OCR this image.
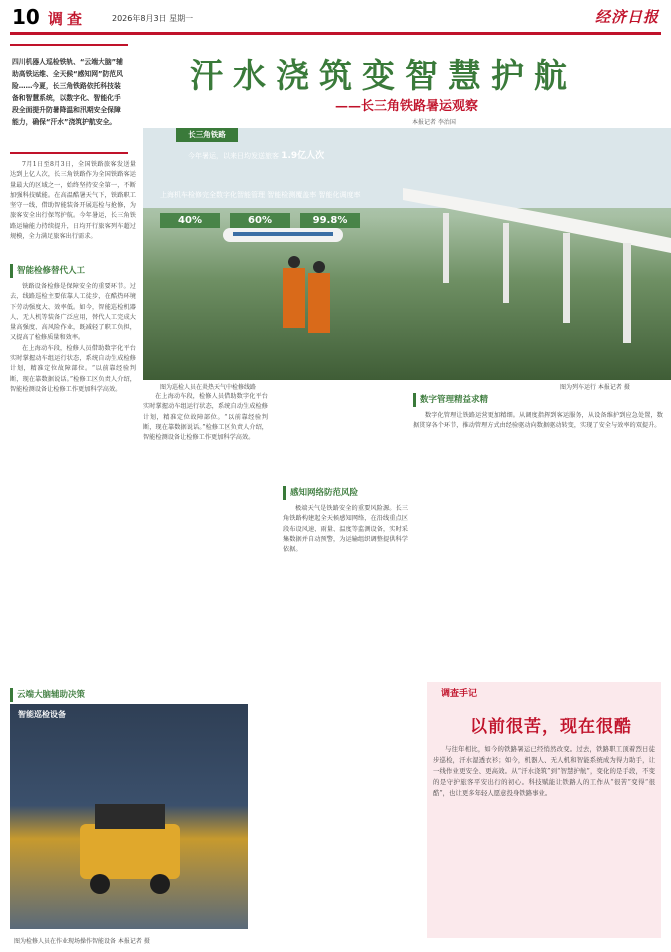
10 调查	2026年8月3日 星期一	经济日报
四川机器人巡检铁轨、“云端大脑”辅助高铁运维、全天候“感知网”防范风险……今夏，长三角铁路依托科技装备和智慧系统，以数字化、智能化手段全面提升防暑降温和汛期安全保障能力，确保“汗水”浇筑护航安全。
汗水浇筑变智慧护航
——长三角铁路暑运观察
本报记者 李治国
长三角铁路
今年暑运，以来日均发送旅客 1.9亿人次
上海机车检修完全数字化智能管理 智能检测覆盖率 智能化调度率
40%	60%	99.8%
图为巡检人员在炎热天气中检修线路	图为列车运行 本报记者 摄

7月1日至8月3日，全国铁路旅客发送量达到上亿人次，长三角铁路作为全国铁路客运量最大的区域之一，始终坚持安全第一，不断加强科技赋能。在高温酷暑天气下，铁路职工坚守一线，借助智能装备开展巡检与抢修，为旅客安全出行保驾护航。今年暑运，长三角铁路运输能力持续提升，日均开行旅客列车超过规模，全力满足旅客出行需求。

智能检修替代人工

铁路设备检修是保障安全的重要环节。过去，线路巡检主要依靠人工徒步，在酷热环境下劳动强度大、效率低。如今，智能巡检机器人、无人机等装备广泛应用，替代人工完成大量高强度、高风险作业，既减轻了职工负担，又提高了检修质量和效率。

在上海动车段，检修人员借助数字化平台实时掌握动车组运行状态，系统自动生成检修计划，精准定位故障部位。“以前靠经验判断，现在靠数据说话。”检修工区负责人介绍，智能检测设备让检修工作更加科学高效。

在上海动车段，检修人员借助数字化平台实时掌握动车组运行状态，系统自动生成检修计划，精准定位故障部位。“以前靠经验判断，现在靠数据说话。”检修工区负责人介绍，智能检测设备让检修工作更加科学高效。

感知网络防范风险

极端天气是铁路安全的重要风险源。长三角铁路构建起全天候感知网络，在沿线重点区段布设风速、雨量、温度等监测设备，实时采集数据并自动预警，为运输组织调整提供科学依据。

数字管理精益求精

数字化管理让铁路运营更加精细。从调度指挥到客运服务，从设备维护到应急处置，数据贯穿各个环节，推动管理方式由经验驱动向数据驱动转变，实现了安全与效率的双提升。

云端大脑辅助决策
智能巡检设备
图为检修人员在作业现场操作智能设备 本报记者 摄
调查手记
以前很苦，现在很酷

与往年相比，如今的铁路暑运已经悄然改变。过去，铁路职工顶着烈日徒步巡检，汗水湿透衣衫；如今，机器人、无人机和智能系统成为得力助手，让一线作业更安全、更高效。从“汗水浇筑”到“智慧护航”，变化的是手段，不变的是守护旅客平安出行的初心。科技赋能让铁路人的工作从“很苦”变得“很酷”，也让更多年轻人愿意投身铁路事业。
